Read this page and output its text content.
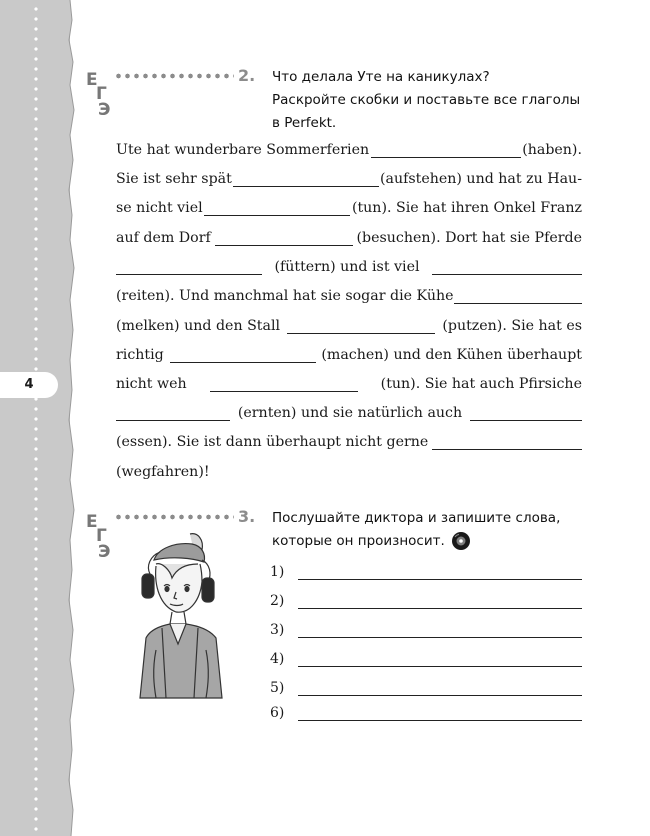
4
Е
Г
Э
2. Что делала Уте на каникулах?
Раскройте скобки и поставьте все глаголы
в Perfekt.
Ute hat wunderbare Sommerferien	(haben).
Sie ist sehr spät	(aufstehen) und hat zu Hau-
se nicht viel	(tun). Sie hat ihren Onkel Franz
auf dem Dorf	(besuchen). Dort hat sie Pferde
(füttern) und ist viel
(reiten). Und manchmal hat sie sogar die Kühe
(melken) und den Stall	(putzen). Sie hat es
richtig	(machen) und den Kühen überhaupt
nicht weh	(tun). Sie hat auch Pfirsiche
(ernten) und sie natürlich auch
(essen). Sie ist dann überhaupt nicht gerne
(wegfahren)!
Е
Г
Э
3. Послушайте диктора и запишите слова,
которые он произносит.
1)
2)
3)
4)
5)
6)
